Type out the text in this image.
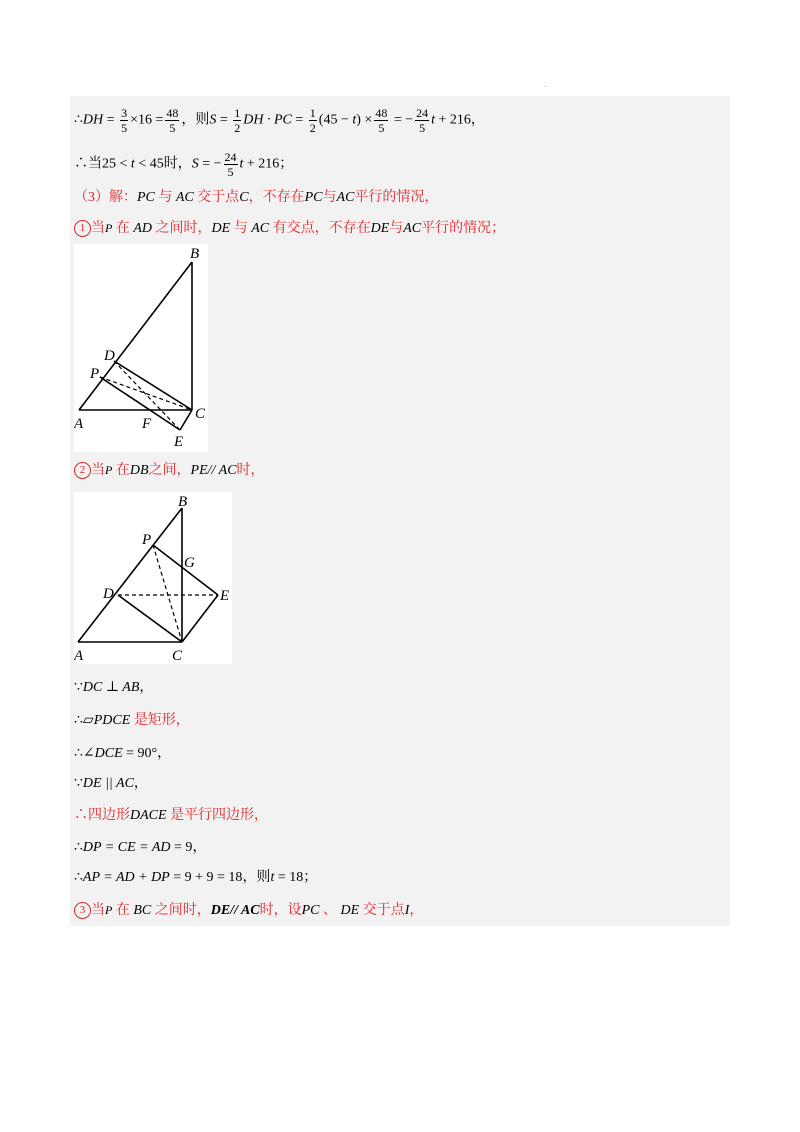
.
∴DH = $\frac{3}{5} \times 16 = \frac{48}{5}$ ，则$S = \frac{1}{2}$ DH · PC = $\frac{1}{2} (45 - t) \times \frac{48}{5}$ = − $\frac{24}{5}$ t + 216，
∴当25 < t < 45时，S = − $\frac{24}{5}$ t + 216；
（3）解：PC 与 AC 交于点C，不存在PC与AC平行的情况，
1 当P 在 AD 之间时，DE 与 AC 有交点，不存在DE与AC平行的情况；
B
D
P
C
A	F
E
2 当P 在DB之间，PE// AC时，
B
P
G
D	E
A	C
∵DC ⊥ AB，
∴▱PDCE 是矩形，
∴∠DCE = 90°，
∵DE || AC，
∴四边形DACE 是平行四边形，
∴DP = CE = AD = 9，
∴AP = AD + DP = 9 + 9 = 18，则t = 18；
3 当P 在 BC 之间时，DE// AC时，设PC 、 DE 交于点I，
